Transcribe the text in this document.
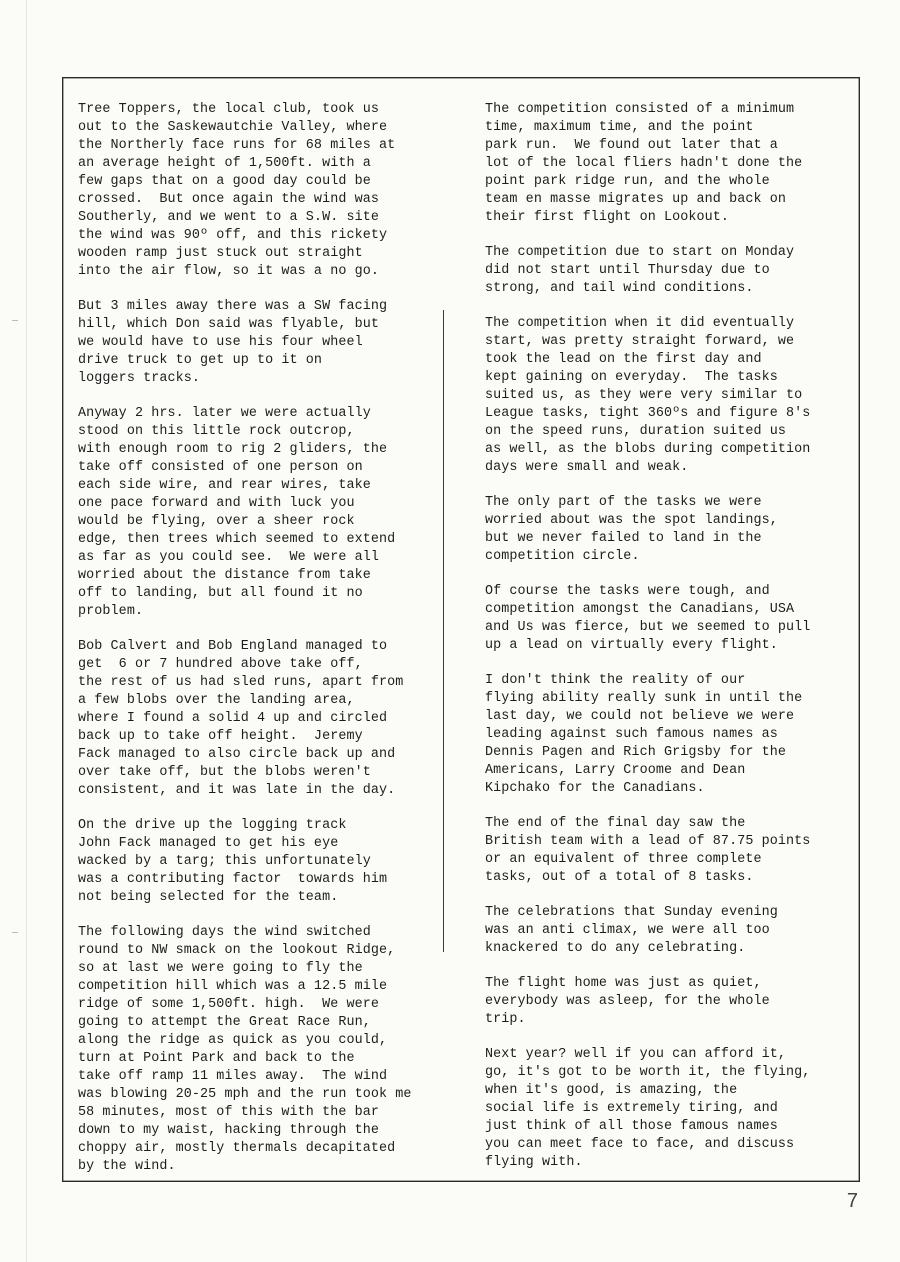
Tree Toppers, the local club, took us
out to the Saskewautchie Valley, where
the Northerly face runs for 68 miles at
an average height of 1,500ft. with a
few gaps that on a good day could be
crossed.  But once again the wind was
Southerly, and we went to a S.W. site
the wind was 90º off, and this rickety
wooden ramp just stuck out straight
into the air flow, so it was a no go.

But 3 miles away there was a SW facing
hill, which Don said was flyable, but
we would have to use his four wheel
drive truck to get up to it on
loggers tracks.

Anyway 2 hrs. later we were actually
stood on this little rock outcrop,
with enough room to rig 2 gliders, the
take off consisted of one person on
each side wire, and rear wires, take
one pace forward and with luck you
would be flying, over a sheer rock
edge, then trees which seemed to extend
as far as you could see.  We were all
worried about the distance from take
off to landing, but all found it no
problem.

Bob Calvert and Bob England managed to
get  6 or 7 hundred above take off,
the rest of us had sled runs, apart from
a few blobs over the landing area,
where I found a solid 4 up and circled
back up to take off height.  Jeremy
Fack managed to also circle back up and
over take off, but the blobs weren't
consistent, and it was late in the day.

On the drive up the logging track
John Fack managed to get his eye
wacked by a targ; this unfortunately
was a contributing factor  towards him
not being selected for the team.

The following days the wind switched
round to NW smack on the lookout Ridge,
so at last we were going to fly the
competition hill which was a 12.5 mile
ridge of some 1,500ft. high.  We were
going to attempt the Great Race Run,
along the ridge as quick as you could,
turn at Point Park and back to the
take off ramp 11 miles away.  The wind
was blowing 20-25 mph and the run took me
58 minutes, most of this with the bar
down to my waist, hacking through the
choppy air, mostly thermals decapitated
by the wind.

The competition consisted of a minimum
time, maximum time, and the point
park run.  We found out later that a
lot of the local fliers hadn't done the
point park ridge run, and the whole
team en masse migrates up and back on
their first flight on Lookout.

The competition due to start on Monday
did not start until Thursday due to
strong, and tail wind conditions.

The competition when it did eventually
start, was pretty straight forward, we
took the lead on the first day and
kept gaining on everyday.  The tasks
suited us, as they were very similar to
League tasks, tight 360ºs and figure 8's
on the speed runs, duration suited us
as well, as the blobs during competition
days were small and weak.

The only part of the tasks we were
worried about was the spot landings,
but we never failed to land in the
competition circle.

Of course the tasks were tough, and
competition amongst the Canadians, USA
and Us was fierce, but we seemed to pull
up a lead on virtually every flight.

I don't think the reality of our
flying ability really sunk in until the
last day, we could not believe we were
leading against such famous names as
Dennis Pagen and Rich Grigsby for the
Americans, Larry Croome and Dean
Kipchako for the Canadians.

The end of the final day saw the
British team with a lead of 87.75 points
or an equivalent of three complete
tasks, out of a total of 8 tasks.

The celebrations that Sunday evening
was an anti climax, we were all too
knackered to do any celebrating.

The flight home was just as quiet,
everybody was asleep, for the whole
trip.

Next year? well if you can afford it,
go, it's got to be worth it, the flying,
when it's good, is amazing, the
social life is extremely tiring, and
just think of all those famous names
you can meet face to face, and discuss
flying with.

7
